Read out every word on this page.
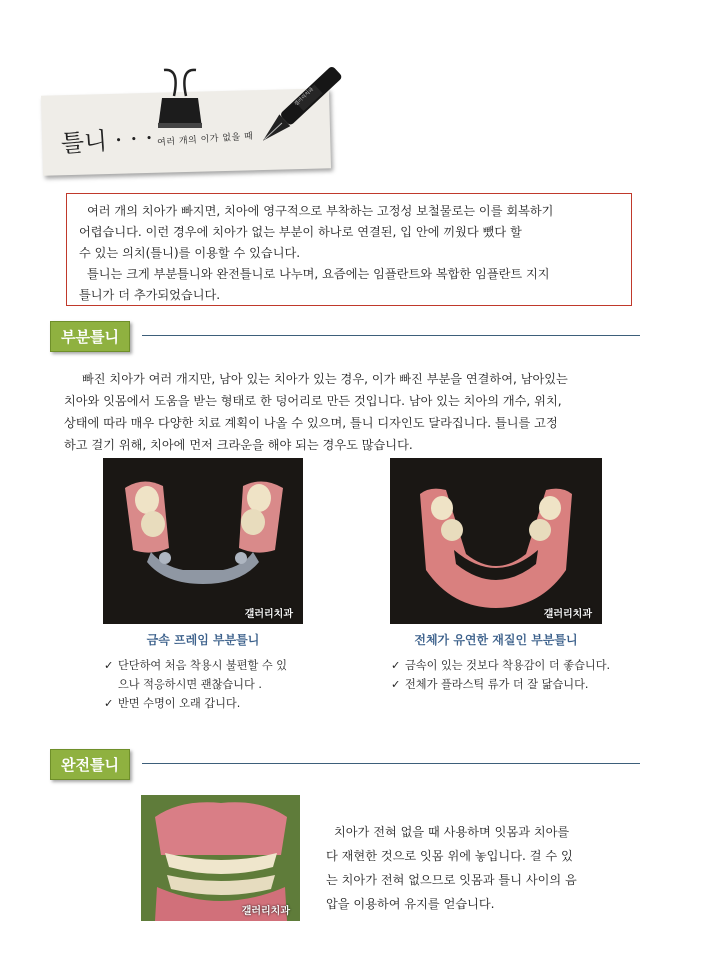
갤러리치과
틀니 · · · 여러 개의 이가 없을 때

여러 개의 치아가 빠지면, 치아에 영구적으로 부착하는 고정성 보철물로는 이를 회복하기

어렵습니다. 이런 경우에 치아가 없는 부분이 하나로 연결된, 입 안에 끼웠다 뺐다 할

수 있는 의치(틀니)를 이용할 수 있습니다.

틀니는 크게 부분틀니와 완전틀니로 나누며, 요즘에는 임플란트와 복합한 임플란트 지지

틀니가 더 추가되었습니다.

부분틀니

빠진 치아가 여러 개지만, 남아 있는 치아가 있는 경우, 이가 빠진 부분을 연결하여, 남아있는

치아와 잇몸에서 도움을 받는 형태로 한 덩어리로 만든 것입니다. 남아 있는 치아의 개수, 위치,

상태에 따라 매우 다양한 치료 계획이 나올 수 있으며, 틀니 디자인도 달라집니다. 틀니를 고정

하고 걸기 위해, 치아에 먼저 크라운을 해야 되는 경우도 많습니다.

갤러리치과	갤러리치과
금속 프레임 부분틀니	전체가 유연한 재질인 부분틀니
✓ 단단하여 처음 착용시 불편할 수 있
으나 적응하시면 괜찮습니다 .
✓ 반면 수명이 오래 갑니다.
✓ 금속이 있는 것보다 착용감이 더 좋습니다.
✓ 전체가 플라스틱 류가 더 잘 닮습니다.
완전틀니
갤러리치과

치아가 전혀 없을 때 사용하며 잇몸과 치아를

다 재현한 것으로 잇몸 위에 놓입니다. 걸 수 있

는 치아가 전혀 없으므로 잇몸과 틀니 사이의 음

압을 이용하여 유지를 얻습니다.
